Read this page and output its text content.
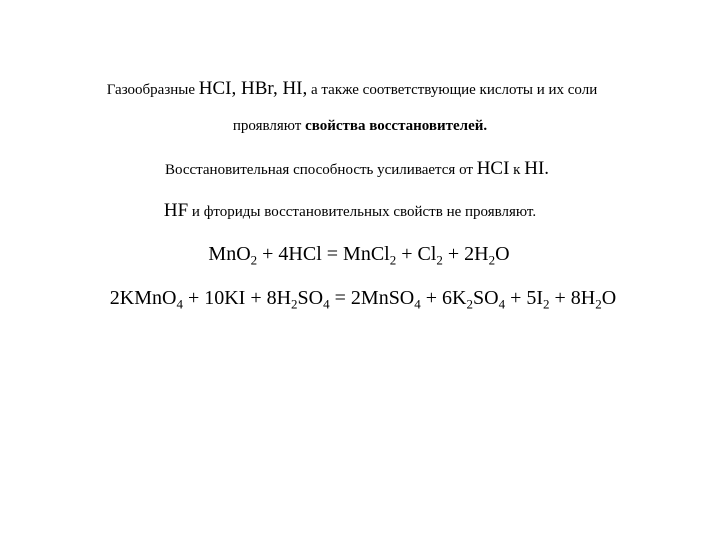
Газообразные HCI, HBr, HI, а также соответствующие кислоты и их соли
проявляют свойства восстановителей.
Восстановительная способность усиливается от HCI к HI.
HF и фториды восстановительных свойств не проявляют.
MnO$_2$ + 4HCl = MnCl$_2$ + $Cl_2 + 2H_2O$
2KMnO$_4$ + $10KI + 8H_2SO_4$ = 2MnSO$_4$ + $6K_2SO_4 + 5I_2 + 8H_2O$
